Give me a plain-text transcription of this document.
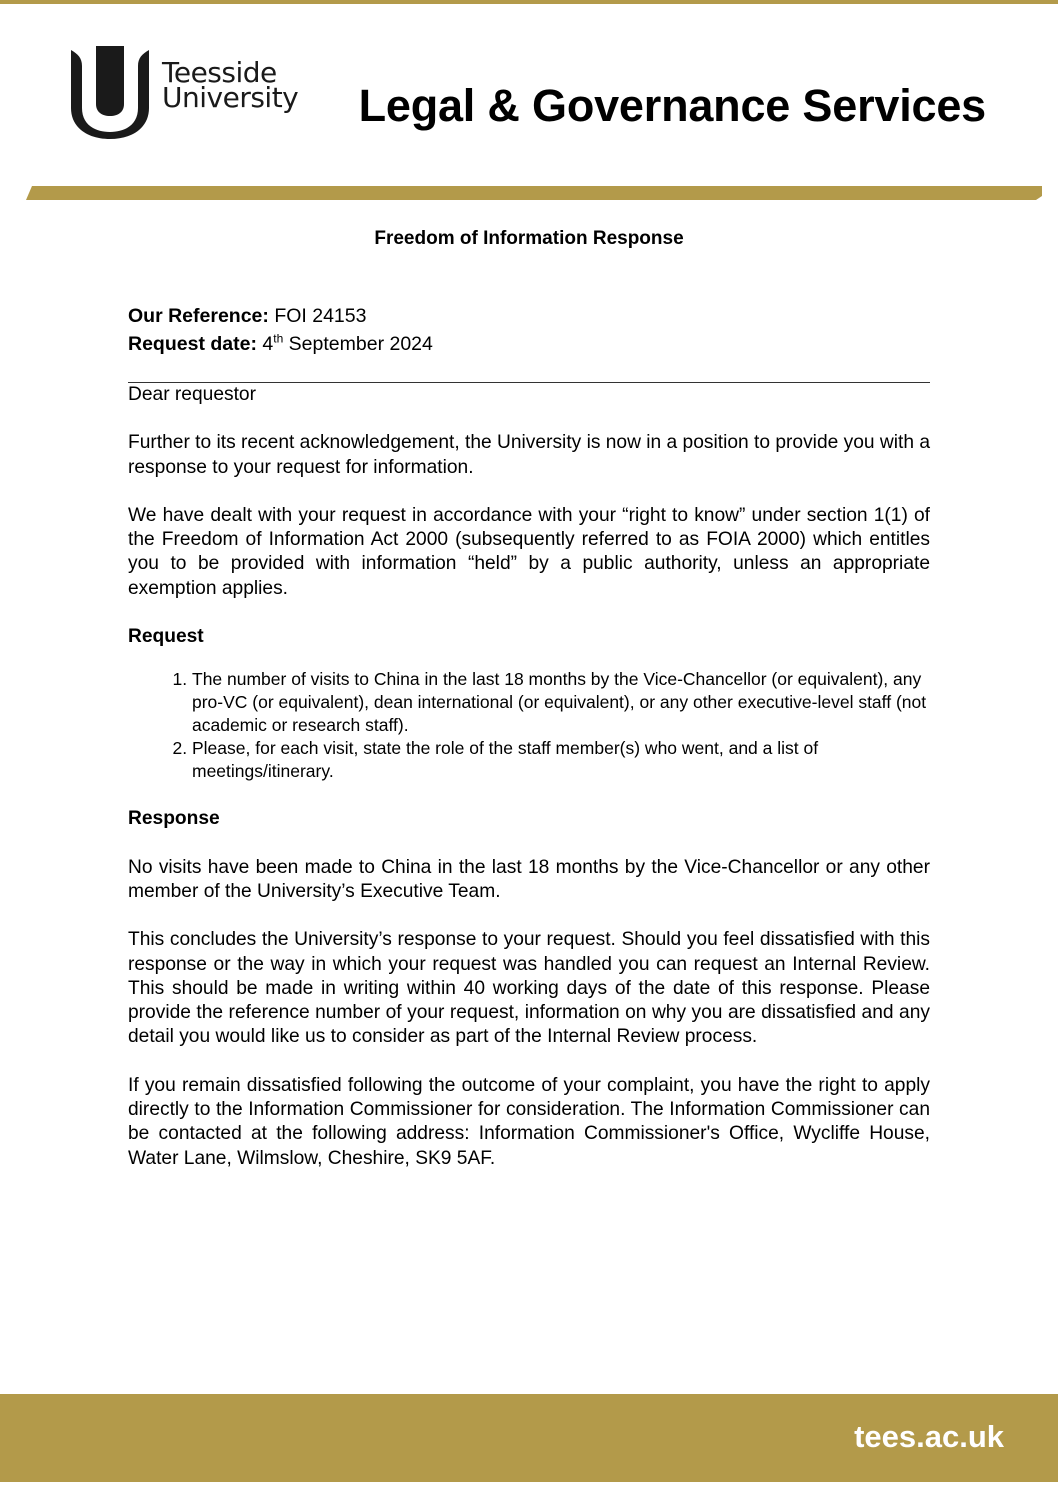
Teesside
University Legal & Governance Services
Freedom of Information Response

Our Reference: FOI 24153

Request date: 4th September 2024

Dear requestor

Further to its recent acknowledgement, the University is now in a position to provide you with a response to your request for information.

We have dealt with your request in accordance with your “right to know” under section 1(1) of the Freedom of Information Act 2000 (subsequently referred to as FOIA 2000) which entitles you to be provided with information “held” by a public authority, unless an appropriate exemption applies.

Request

1. The number of visits to China in the last 18 months by the Vice-Chancellor (or equivalent), any pro-VC (or equivalent), dean international (or equivalent), or any other executive-level staff (not academic or research staff).
2. Please, for each visit, state the role of the staff member(s) who went, and a list of meetings/itinerary.

Response

No visits have been made to China in the last 18 months by the Vice-Chancellor or any other member of the University’s Executive Team.

This concludes the University’s response to your request. Should you feel dissatisfied with this response or the way in which your request was handled you can request an Internal Review. This should be made in writing within 40 working days of the date of this response. Please provide the reference number of your request, information on why you are dissatisfied and any detail you would like us to consider as part of the Internal Review process.

If you remain dissatisfied following the outcome of your complaint, you have the right to apply directly to the Information Commissioner for consideration. The Information Commissioner can be contacted at the following address: Information Commissioner's Office, Wycliffe House, Water Lane, Wilmslow, Cheshire, SK9 5AF.

tees.ac.uk
